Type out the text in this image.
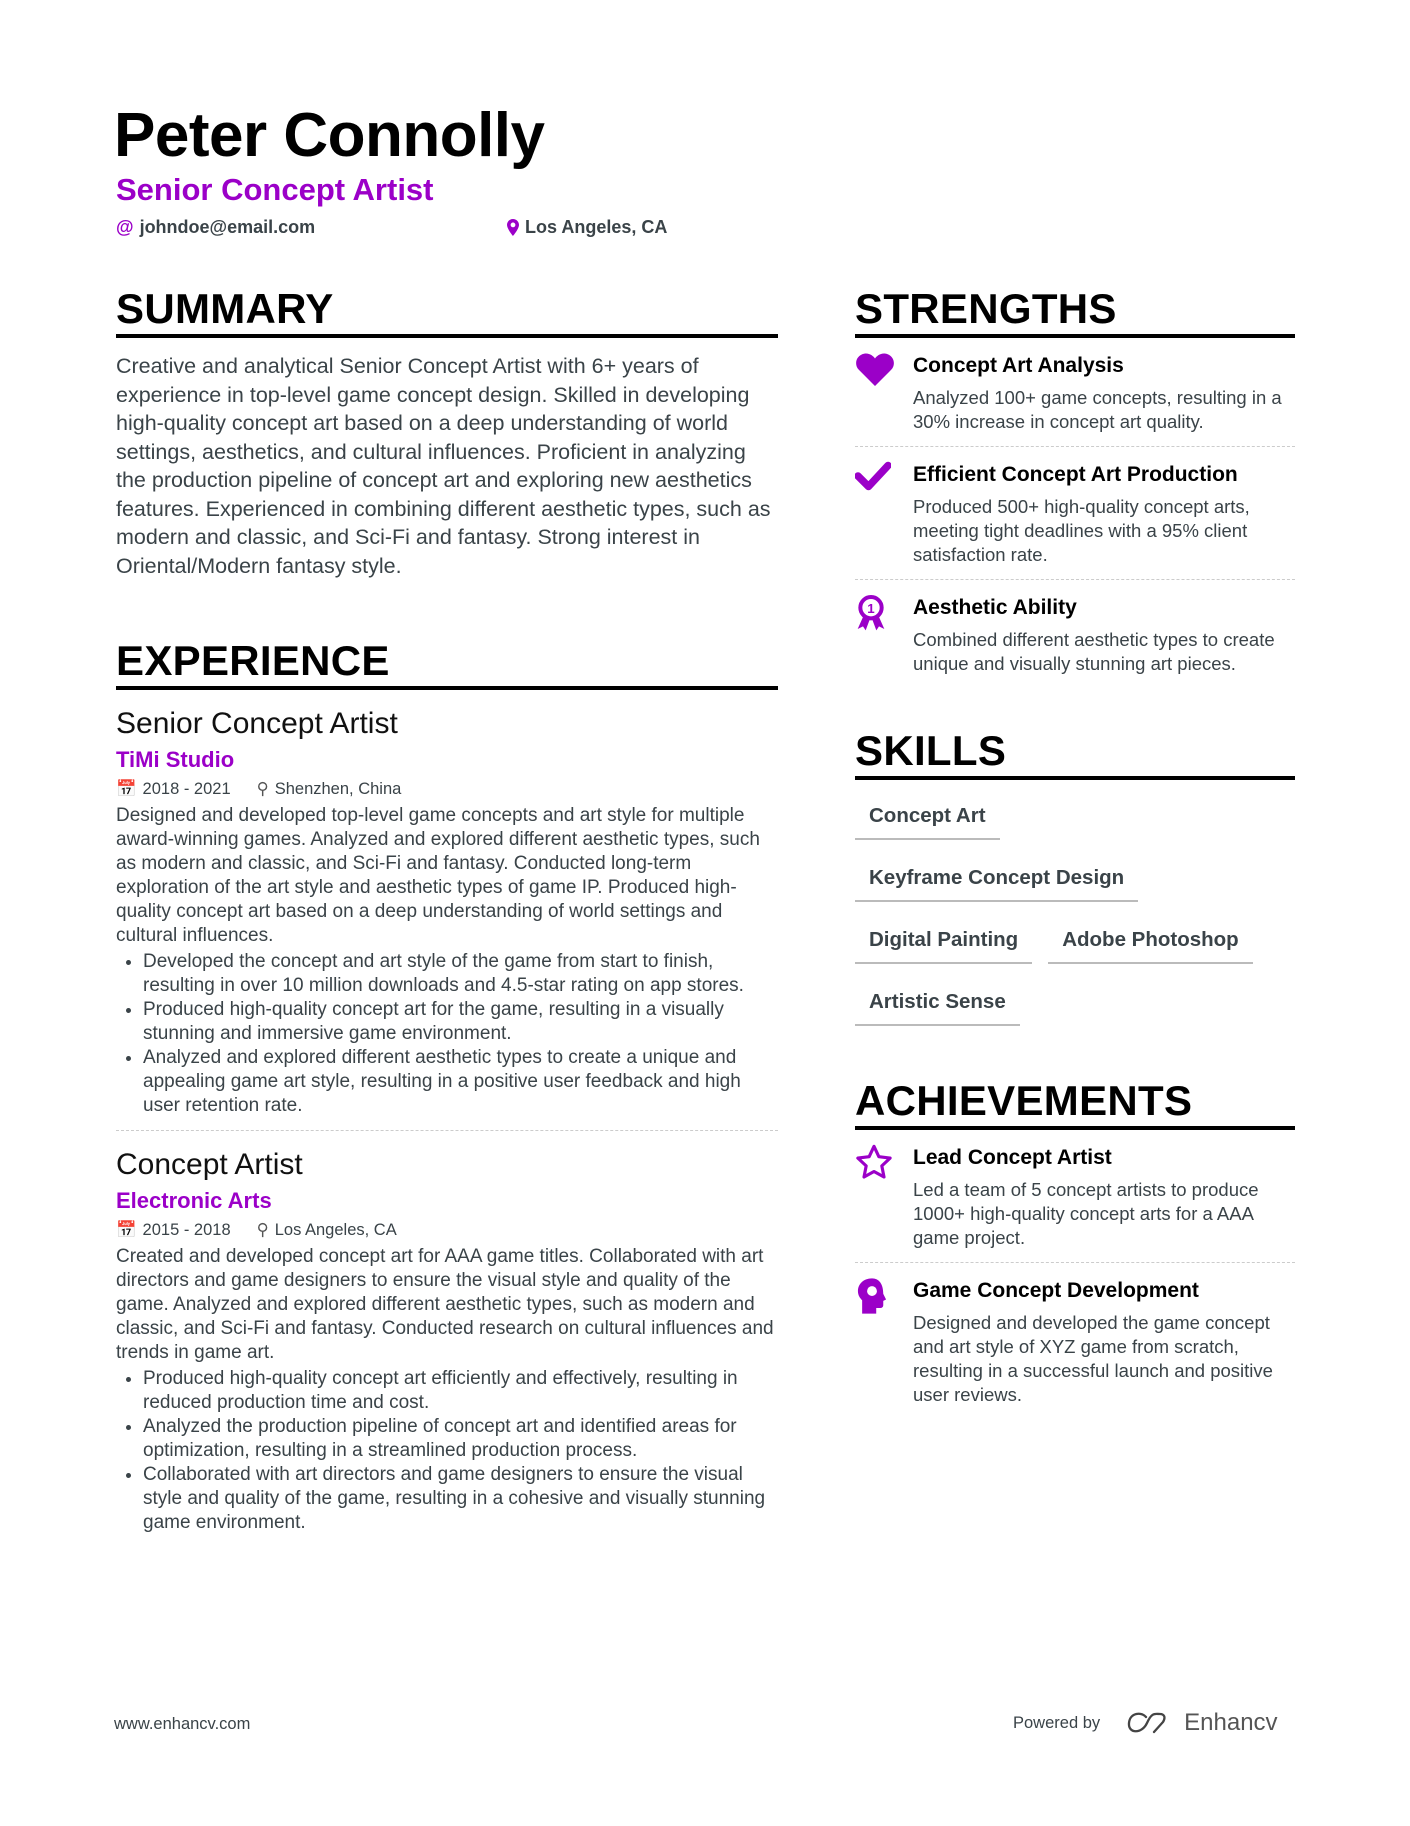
Peter Connolly
Senior Concept Artist
@ johndoe@email.com	Los Angeles, CA
SUMMARY
Creative and analytical Senior Concept Artist with 6+ years of experience in top-level game concept design. Skilled in developing high-quality concept art based on a deep understanding of world settings, aesthetics, and cultural influences. Proficient in analyzing the production pipeline of concept art and exploring new aesthetics features. Experienced in combining different aesthetic types, such as modern and classic, and Sci-Fi and fantasy. Strong interest in Oriental/Modern fantasy style.
EXPERIENCE
Senior Concept Artist
TiMi Studio
📅 2018 - 2021 ⚲ Shenzhen, China
Designed and developed top-level game concepts and art style for multiple award-winning games. Analyzed and explored different aesthetic types, such as modern and classic, and Sci-Fi and fantasy. Conducted long-term exploration of the art style and aesthetic types of game IP. Produced high-quality concept art based on a deep understanding of world settings and cultural influences.
• Developed the concept and art style of the game from start to finish, resulting in over 10 million downloads and 4.5-star rating on app stores.
• Produced high-quality concept art for the game, resulting in a visually stunning and immersive game environment.
• Analyzed and explored different aesthetic types to create a unique and appealing game art style, resulting in a positive user feedback and high user retention rate.
Concept Artist
Electronic Arts
📅 2015 - 2018 ⚲ Los Angeles, CA
Created and developed concept art for AAA game titles. Collaborated with art directors and game designers to ensure the visual style and quality of the game. Analyzed and explored different aesthetic types, such as modern and classic, and Sci-Fi and fantasy. Conducted research on cultural influences and trends in game art.
• Produced high-quality concept art efficiently and effectively, resulting in reduced production time and cost.
• Analyzed the production pipeline of concept art and identified areas for optimization, resulting in a streamlined production process.
• Collaborated with art directors and game designers to ensure the visual style and quality of the game, resulting in a cohesive and visually stunning game environment.
STRENGTHS
Concept Art Analysis
Analyzed 100+ game concepts, resulting in a 30% increase in concept art quality.
Efficient Concept Art Production
Produced 500+ high-quality concept arts, meeting tight deadlines with a 95% client satisfaction rate.
1 Aesthetic Ability
Combined different aesthetic types to create unique and visually stunning art pieces.
SKILLS
Concept Art
Keyframe Concept Design
Digital Painting	Adobe Photoshop
Artistic Sense
ACHIEVEMENTS
Lead Concept Artist
Led a team of 5 concept artists to produce 1000+ high-quality concept arts for a AAA game project.
Game Concept Development
Designed and developed the game concept and art style of XYZ game from scratch, resulting in a successful launch and positive user reviews.
www.enhancv.com	Powered by	Enhancv
